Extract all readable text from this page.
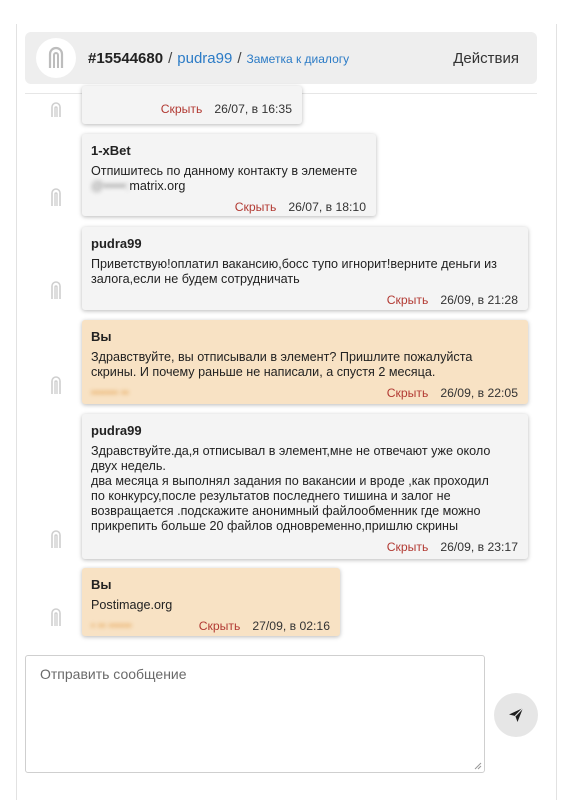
#15544680 / pudra99 / Заметка к диалогу	Действия
Скрыть 26/07, в 16:35
1-xBet
Отпишитесь по данному контакту в элементе
@•••••:matrix.org
Скрыть 26/07, в 18:10
pudra99
Приветствую!оплатил вакансию,босс тупо игнорит!верните деньги из залога,если не будем сотрудничать
Скрыть 26/09, в 21:28
Вы
Здравствуйте, вы отписывали в элемент? Пришлите пожалуйста скрины. И почему раньше не написали, а спустя 2 месяца.
••••••• ••	Скрыть 26/09, в 22:05
pudra99
Здравствуйте.да,я отписывал в элемент,мне не отвечают уже около
двух недель.
два месяца я выполнял задания по вакансии и вроде ,как проходил
по конкурсу,после результатов последнего тишина и залог не
возвращается .подскажите анонимный файлообменник где можно
прикрепить больше 20 файлов одновременно,пришлю скрины
Скрыть 26/09, в 23:17
Вы
Postimage.org
• •• ••••••	Скрыть 27/09, в 02:16
Отправить сообщение
